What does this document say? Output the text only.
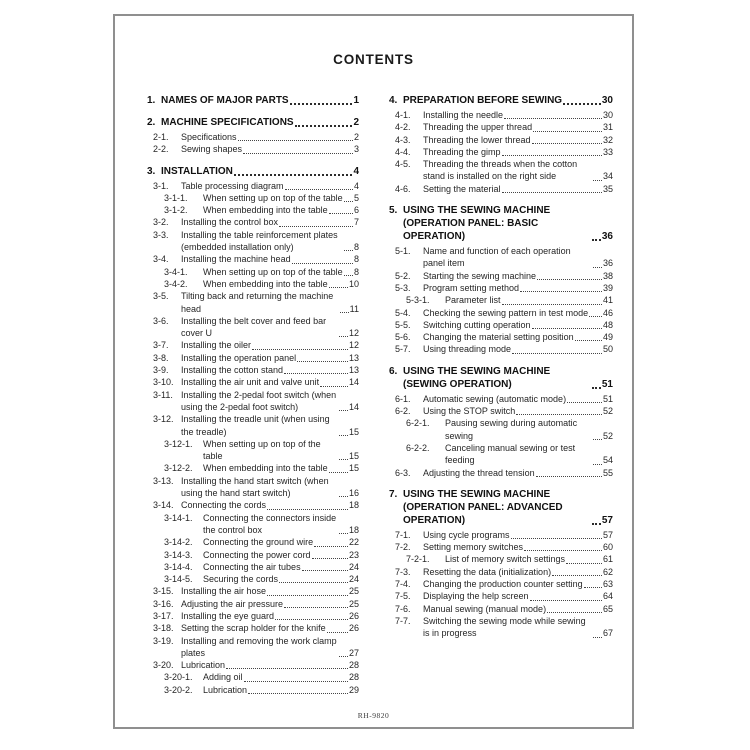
CONTENTS
1. NAMES OF MAJOR PARTS	1
2. MACHINE SPECIFICATIONS	2
2-1.	Specifications	2
2-2.	Sewing shapes	3
3. INSTALLATION	4
3-1.	Table processing diagram	4
3-1-1.	When setting up on top of the table 5
3-1-2.	When embedding into the table	6
3-2.	Installing the control box	7
3-3.	Installing the table reinforcement plates (embedded installation only)	8
3-4.	Installing the machine head	8
3-4-1.	When setting up on top of the table 8
3-4-2.	When embedding into the table 10
3-5.	Tilting back and returning the machine head	11
3-6.	Installing the belt cover and feed bar cover U	12
3-7.	Installing the oiler	12
3-8.	Installing the operation panel	13
3-9.	Installing the cotton stand	13
3-10. Installing the air unit and valve unit	14
3-11. Installing the 2-pedal foot switch (when using the 2-pedal foot switch)	14
3-12. Installing the treadle unit (when using the treadle)	15
3-12-1.	When setting up on top of the table	15
3-12-2.	When embedding into the table 15
3-13. Installing the hand start switch (when using the hand start switch)	16
3-14. Connecting the cords	18
3-14-1.	Connecting the connectors inside the control box	18
3-14-2.	Connecting the ground wire	22
3-14-3.	Connecting the power cord	23
3-14-4.	Connecting the air tubes	24
3-14-5.	Securing the cords	24
3-15. Installing the air hose	25
3-16. Adjusting the air pressure	25
3-17. Installing the eye guard	26
3-18. Setting the scrap holder for the knife	26
3-19. Installing and removing the work clamp plates	27
3-20. Lubrication	28
3-20-1.	Adding oil	28
3-20-2.	Lubrication	29
4. PREPARATION BEFORE SEWING	30
4-1.	Installing the needle	30
4-2.	Threading the upper thread	31
4-3.	Threading the lower thread	32
4-4.	Threading the gimp	33
4-5.	Threading the threads when the cotton stand is installed on the right side	34
4-6.	Setting the material	35
5. USING THE SEWING MACHINE (OPERATION PANEL: BASIC OPERATION)	36
5-1.	Name and function of each operation panel item	36
5-2.	Starting the sewing machine	38
5-3.	Program setting method	39
5-3-1.	Parameter list	41
5-4.	Checking the sewing pattern in test mode 46
5-5.	Switching cutting operation	48
5-6.	Changing the material setting position	49
5-7.	Using threading mode	50
6. USING THE SEWING MACHINE (SEWING OPERATION)	51
6-1.	Automatic sewing (automatic mode)	51
6-2.	Using the STOP switch	52
6-2-1.	Pausing sewing during automatic sewing	52
6-2-2.	Canceling manual sewing or test feeding	54
6-3.	Adjusting the thread tension	55
7. USING THE SEWING MACHINE (OPERATION PANEL: ADVANCED OPERATION)	57
7-1.	Using cycle programs	57
7-2.	Setting memory switches	60
7-2-1.	List of memory switch settings	61
7-3.	Resetting the data (initialization)	62
7-4.	Changing the production counter setting 63
7-5.	Displaying the help screen	64
7-6.	Manual sewing (manual mode)	65
7-7.	Switching the sewing mode while sewing is in progress	67
RH-9820
